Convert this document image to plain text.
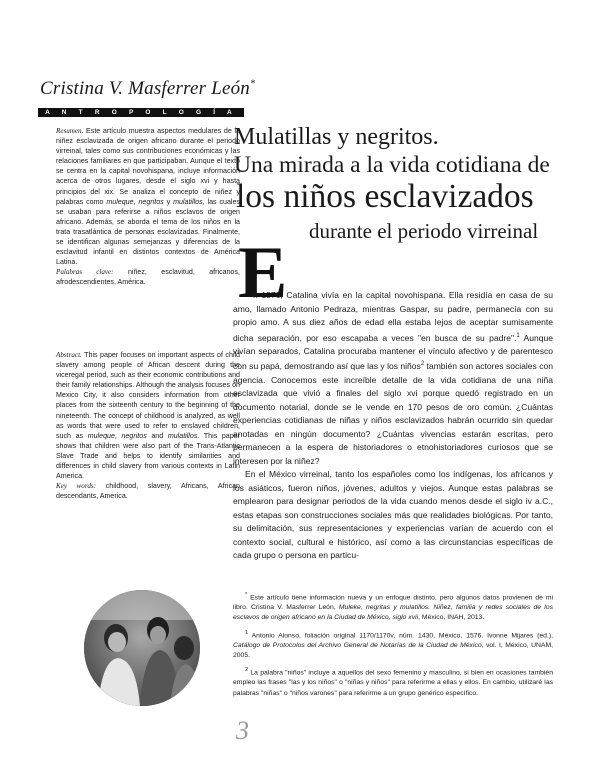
Cristina V. Masferrer León*
A N T R O P O L O G Í A

Resumen. Este artículo muestra aspectos medulares de la niñez esclavizada de origen africano durante el periodo virreinal, tales como sus contribuciones económicas y las relaciones familiares en que participaban. Aunque el texto se centra en la capital novohispana, incluye información acerca de otros lugares, desde el siglo xvi y hasta principios del xix. Se analiza el concepto de niñez y palabras como muleque, negritos y mulatillos, las cuales se usaban para referirse a niños esclavos de origen africano. Además, se aborda el tema de los niños en la trata trasatlántica de personas esclavizadas. Finalmente, se identifican algunas semejanzas y diferencias de la esclavitud infantil en distintos contextos de América Latina.

Palabras clave: niñez, esclavitud, africanos, afrodescendientes, América.

Abstract. This paper focuses on important aspects of child slavery among people of African descent during the viceregal period, such as their economic contributions and their family relationships. Although the analysis focuses on Mexico City, it also considers information from other places from the sixteenth century to the beginning of the nineteenth. The concept of childhood is analyzed, as well as words that were used to refer to enslaved children, such as muleque, negritos and mulatillos. This paper shows that children were also part of the Trans-Atlantic Slave Trade and helps to identify similarities and differences in child slavery from various contexts in Latin America.

Key words: childhood, slavery, Africans, African descendants, America.

Mulatillas y negritos.
Una mirada a la vida cotidiana de
los niños esclavizados
durante el periodo virreinal
E

n 1576, Catalina vivía en la capital novohispana. Ella residía en casa de su amo, llamado Antonio Pedraza, mientras Gaspar, su padre, permanecía con su propio amo. A sus diez años de edad ella estaba lejos de aceptar sumisamente dicha separación, por eso escapaba a veces "en busca de su padre".$^1$ Aunque vivían separados, Catalina procuraba mantener el vínculo afectivo y de parentesco con su papá, demostrando así que las y los niños$^2$ también son actores sociales con agencia. Conocemos este increíble detalle de la vida cotidiana de una niña esclavizada que vivió a finales del siglo xvi porque quedó registrado en un documento notarial, donde se le vende en 170 pesos de oro común. ¿Cuántas experiencias cotidianas de niñas y niños esclavizados habrán ocurrido sin quedar anotadas en ningún documento? ¿Cuántas vivencias estarán escritas, pero permanecen a la espera de historiadores o etnohistoriadores curiosos que se interesen por la niñez?

En el México virreinal, tanto los españoles como los indígenas, los africanos y los asiáticos, fueron niños, jóvenes, adultos y viejos. Aunque estas palabras se emplearon para designar periodos de la vida cuando menos desde el siglo iv a.C., estas etapas son construcciones sociales más que realidades biológicas. Por tanto, su delimitación, sus representaciones y experiencias varían de acuerdo con el contexto social, cultural e histórico, así como a las circunstancias específicas de cada grupo o persona en particu-

* Este artículo tiene información nueva y un enfoque distinto, pero algunos datos provienen de mi libro. Cristina V. Masferrer León, Muleke, negritas y mulatillos. Niñez, familia y redes sociales de los esclavos de origen africano en la Ciudad de México, siglo xvii, México, INAH, 2013.

$^1$ Antonio Alonso, foliación original 1170/1170v, núm. 1430, México, 1576. Ivonne Mijares (ed.), Catálogo de Protocolos del Archivo General de Notarías de la Ciudad de México, vol. I, México, UNAM, 2005.

$^2$ La palabra "niños" incluye a aquellos del sexo femenino y masculino, si bien en ocasiones también empleo las frases "las y los niños" o "niñas y niños" para referirme a ellas y ellos. En cambio, utilizaré las palabras "niñas" o "niños varones" para referirme a un grupo genérico específico.

3
